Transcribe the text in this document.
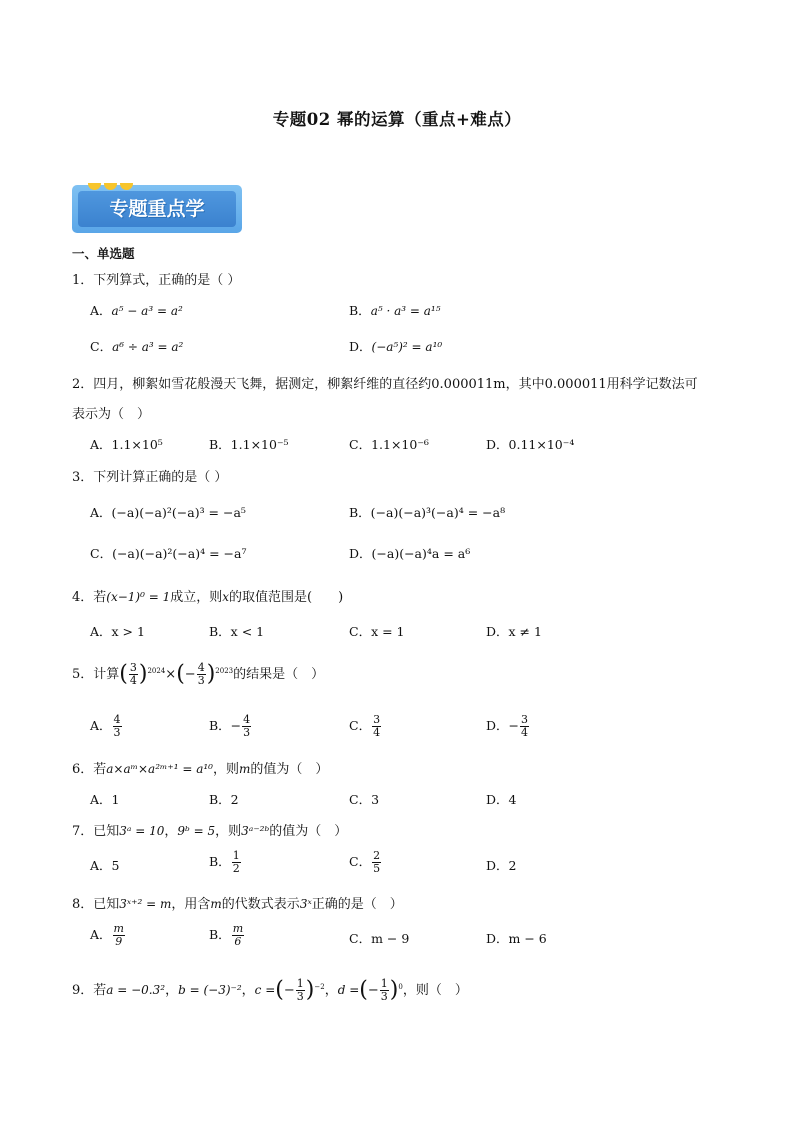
专题02 幂的运算（重点+难点）
专题重点学
一、单选题
1．下列算式，正确的是（ ）
A．a⁵ − a³ = a²	B．a⁵ · a³ = a¹⁵
C．a⁶ ÷ a³ = a²	D．(−a⁵)² = a¹⁰
2．四月，柳絮如雪花般漫天飞舞，据测定，柳絮纤维的直径约0.000011m，其中0.000011用科学记数法可
表示为（　）
A．1.1×10⁵	B．1.1×10⁻⁵	C．1.1×10⁻⁶	D．0.11×10⁻⁴
3．下列计算正确的是（ ）
A．(−a)(−a)²(−a)³ = −a⁵	B．(−a)(−a)³(−a)⁴ = −a⁸
C．(−a)(−a)²(−a)⁴ = −a⁷	D．(−a)(−a)⁴a = a⁶
4．若(x−1)⁰ = 1成立，则x的取值范围是(　　)
A．x > 1	B．x < 1	C．x = 1	D．x ≠ 1
5．计算( $\frac{3}{4} )^{2024}\times(- \frac{4}{3} )^{2023}$的结果是（　）
A． $\frac{4}{3}$	B．− $\frac{4}{3}$	C． $\frac{3}{4}$	D．− $\frac{3}{4}$
6．若a×aᵐ×a²ᵐ⁺¹ = a¹⁰，则m的值为（　）
A．1	B．2	C．3	D．4
7．已知3ᵃ = 10，9ᵇ = 5，则3ᵃ⁻²ᵇ的值为（　）
A．5	B． $\frac{1}{2}$	C． $\frac{2}{5}$	D．2
8．已知3ˣ⁺² = m，用含m的代数式表示3ˣ正确的是（　）
A． $\frac{m}{9}$	B． $\frac{m}{6}$	C．m − 9	D．m − 6
9．若a = −0.3²，b = (−3)⁻²，c =(− $\frac{1}{3} )^{-2}$，d =(− $\frac{1}{3} )^0$，则（　）
